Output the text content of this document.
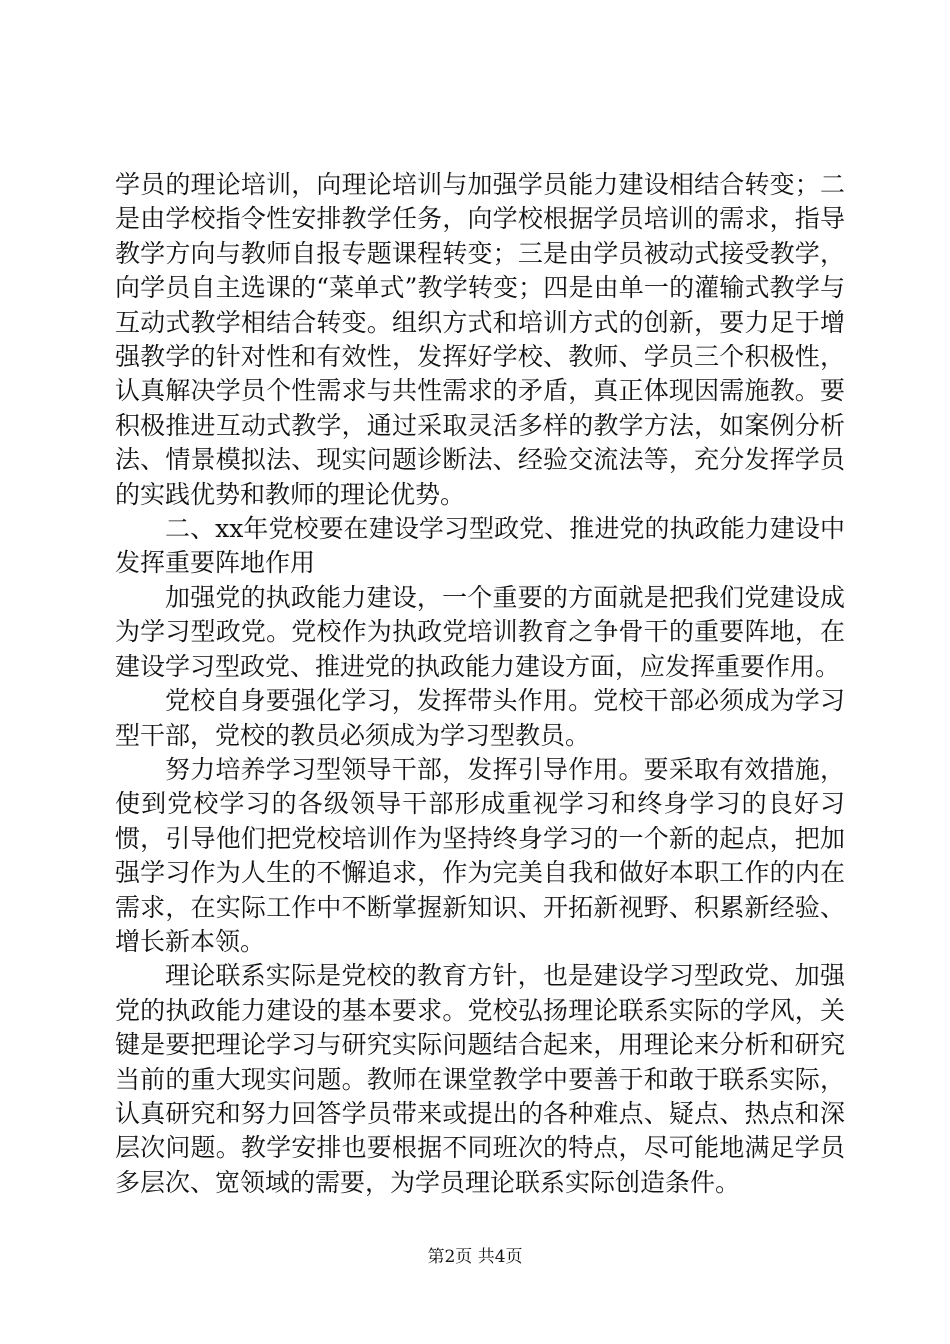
学员的理论培训，向理论培训与加强学员能力建设相结合转变；二是由学校指令性安排教学任务，向学校根据学员培训的需求，指导教学方向与教师自报专题课程转变；三是由学员被动式接受教学，向学员自主选课的“菜单式”教学转变；四是由单一的灌输式教学与互动式教学相结合转变。组织方式和培训方式的创新，要力足于增强教学的针对性和有效性，发挥好学校、教师、学员三个积极性，认真解决学员个性需求与共性需求的矛盾，真正体现因需施教。要积极推进互动式教学，通过采取灵活多样的教学方法，如案例分析法、情景模拟法、现实问题诊断法、经验交流法等，充分发挥学员的实践优势和教师的理论优势。

二、xx年党校要在建设学习型政党、推进党的执政能力建设中发挥重要阵地作用

加强党的执政能力建设，一个重要的方面就是把我们党建设成为学习型政党。党校作为执政党培训教育之争骨干的重要阵地，在建设学习型政党、推进党的执政能力建设方面，应发挥重要作用。

党校自身要强化学习，发挥带头作用。党校干部必须成为学习型干部，党校的教员必须成为学习型教员。

努力培养学习型领导干部，发挥引导作用。要采取有效措施，使到党校学习的各级领导干部形成重视学习和终身学习的良好习惯，引导他们把党校培训作为坚持终身学习的一个新的起点，把加强学习作为人生的不懈追求，作为完美自我和做好本职工作的内在需求，在实际工作中不断掌握新知识、开拓新视野、积累新经验、增长新本领。

理论联系实际是党校的教育方针，也是建设学习型政党、加强党的执政能力建设的基本要求。党校弘扬理论联系实际的学风，关键是要把理论学习与研究实际问题结合起来，用理论来分析和研究当前的重大现实问题。教师在课堂教学中要善于和敢于联系实际，认真研究和努力回答学员带来或提出的各种难点、疑点、热点和深层次问题。教学安排也要根据不同班次的特点，尽可能地满足学员多层次、宽领域的需要，为学员理论联系实际创造条件。

第2页 共4页
